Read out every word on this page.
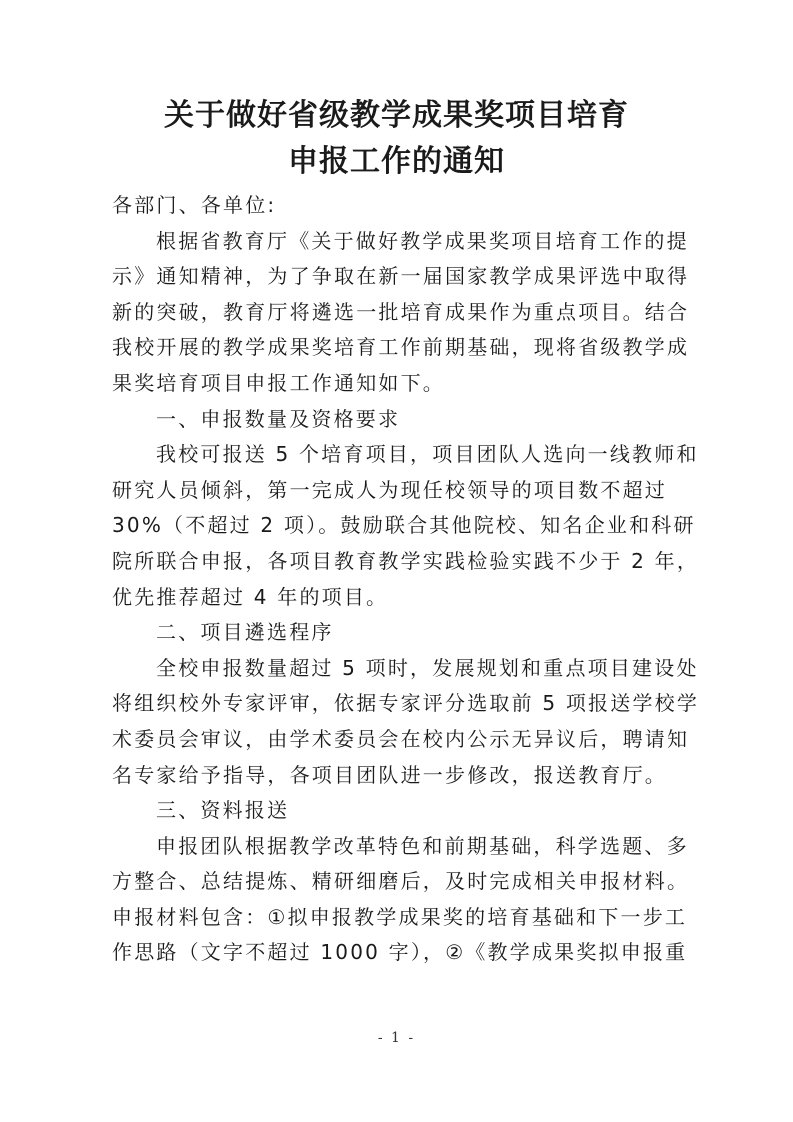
关于做好省级教学成果奖项目培育
申报工作的通知
各部门、各单位:
根据省教育厅《关于做好教学成果奖项目培育工作的提
示》通知精神，为了争取在新一届国家教学成果评选中取得
新的突破，教育厅将遴选一批培育成果作为重点项目。结合
我校开展的教学成果奖培育工作前期基础，现将省级教学成
果奖培育项目申报工作通知如下。
一、申报数量及资格要求
我校可报送 5 个培育项目，项目团队人选向一线教师和
研究人员倾斜，第一完成人为现任校领导的项目数不超过
30%（不超过 2 项）。鼓励联合其他院校、知名企业和科研
院所联合申报，各项目教育教学实践检验实践不少于 2 年，
优先推荐超过 4 年的项目。
二、项目遴选程序
全校申报数量超过 5 项时，发展规划和重点项目建设处
将组织校外专家评审，依据专家评分选取前 5 项报送学校学
术委员会审议，由学术委员会在校内公示无异议后，聘请知
名专家给予指导，各项目团队进一步修改，报送教育厅。
三、资料报送
申报团队根据教学改革特色和前期基础，科学选题、多
方整合、总结提炼、精研细磨后，及时完成相关申报材料。
申报材料包含：①拟申报教学成果奖的培育基础和下一步工
作思路（文字不超过 1000 字），②《教学成果奖拟申报重
- 1 -
